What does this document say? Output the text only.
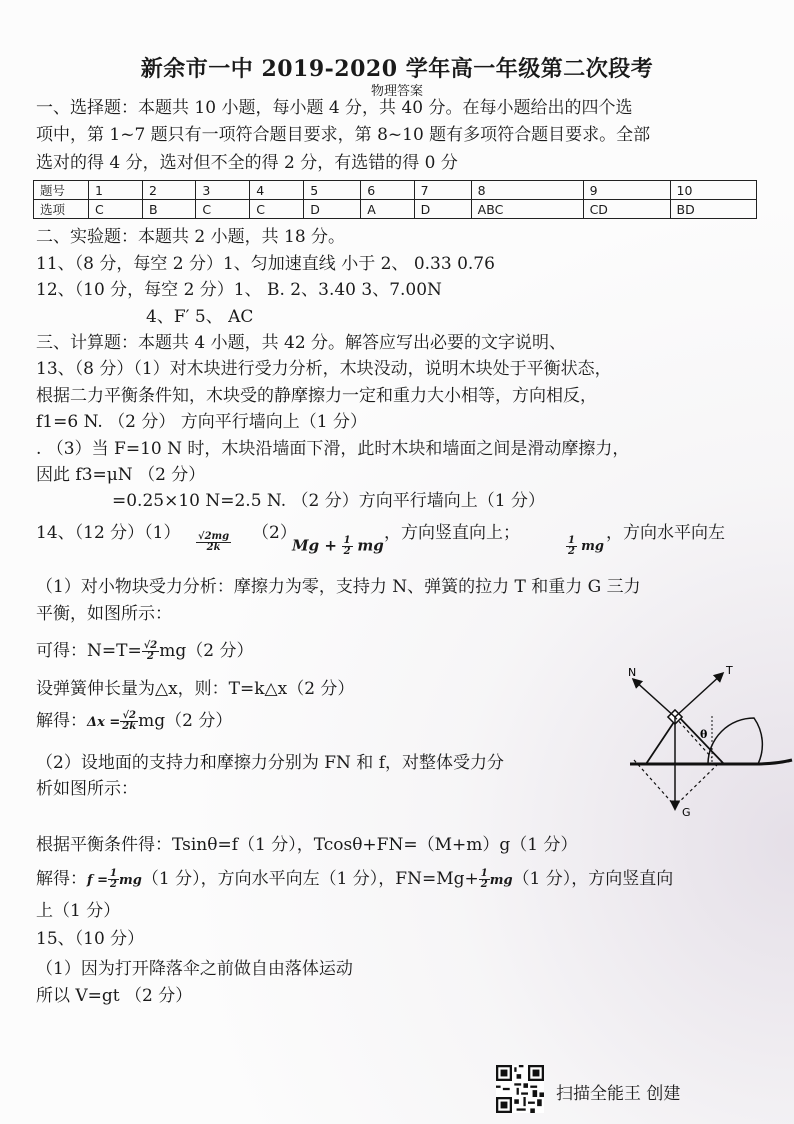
新余市一中 2019-2020 学年高一年级第二次段考
物理答案
一、选择题：本题共 10 小题，每小题 4 分，共 40 分。在每小题给出的四个选
项中，第 1~7 题只有一项符合题目要求，第 8~10 题有多项符合题目要求。全部
选对的得 4 分，选对但不全的得 2 分，有选错的得 0 分
题号	1	2	3	4	5	6	7	8	9	10
选项	C	B	C	C	D	A	D	ABC	CD	BD
二、实验题：本题共 2 小题，共 18 分。
11、（8 分，每空 2 分）1、匀加速直线 小于 2、 0.33 0.76
12、（10 分，每空 2 分）1、 B. 2、3.40 3、7.00N
4、F′ 5、 AC
三、计算题：本题共 4 小题，共 42 分。解答应写出必要的文字说明、
13、（8 分）（1）对木块进行受力分析，木块没动，说明木块处于平衡状态，
根据二力平衡条件知，木块受的静摩擦力一定和重力大小相等，方向相反，
f1=6 N. （2 分） 方向平行墙向上（1 分）
. （3）当 F=10 N 时，木块沿墙面下滑，此时木块和墙面之间是滑动摩擦力，
因此 f3=μN （2 分）
=0.25×10 N=2.5 N. （2 分）方向平行墙向上（1 分）
14、（12 分）$(1) \frac{√2mg}{2k} (2)$
$Mg + \frac{1}{2}$ mg
，方向竖直向上；
$\frac{1}{2}$ mg
，方向水平向左
（1）对小物块受力分析：摩擦力为零，支持力 N、弹簧的拉力 T 和重力 G 三力
平衡，如图所示：
可得：$N=T= \frac{√2}{2} mg(2$ 分）
设弹簧伸长量为△x，则：T=k△x（2 分）
解得：$\Delta x = \frac{√2}{2k} mg(2$ 分）
（2）设地面的支持力和摩擦力分别为 FN 和 f，对整体受力分
析如图所示：
根据平衡条件得：Tsinθ=f（1 分），Tcosθ+FN=（M+m）g（1 分）
解得：$f = \frac{1}{2} mg(1$ 分），方向水平向左（1 分），$FN=Mg+ \frac{1}{2} mg(1$ 分），方向竖直向
上（1 分）
15、（10 分）
（1）因为打开降落伞之前做自由落体运动
所以 V=gt （2 分）
θ
N	T
G
扫描全能王 创建
